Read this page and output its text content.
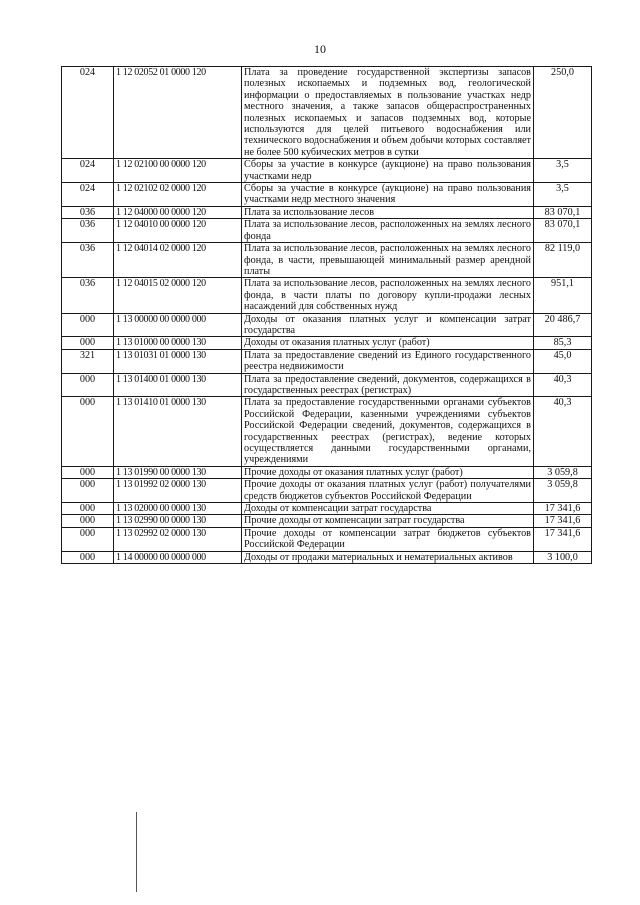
10
024	1 12 02052 01 0000 120	Плата за проведение государственной экспертизы запасов полезных ископаемых и подземных вод, геологической информации о предоставляемых в пользование участках недр местного значения, а также запасов общераспространенных полезных ископаемых и запасов подземных вод, которые используются для целей питьевого водоснабжения или технического водоснабжения и объем добычи которых составляет не более 500 кубических метров в сутки	250,0
024	1 12 02100 00 0000 120	Сборы за участие в конкурсе (аукционе) на право пользования участками недр	3,5
024	1 12 02102 02 0000 120	Сборы за участие в конкурсе (аукционе) на право пользования участками недр местного значения	3,5
036	1 12 04000 00 0000 120	Плата за использование лесов	83 070,1
036	1 12 04010 00 0000 120	Плата за использование лесов, расположенных на землях лесного фонда	83 070,1
036	1 12 04014 02 0000 120	Плата за использование лесов, расположенных на землях лесного фонда, в части, превышающей минимальный размер арендной платы	82 119,0
036	1 12 04015 02 0000 120	Плата за использование лесов, расположенных на землях лесного фонда, в части платы по договору купли-продажи лесных насаждений для собственных нужд	951,1
000	1 13 00000 00 0000 000	Доходы от оказания платных услуг и компенсации затрат государства	20 486,7
000	1 13 01000 00 0000 130	Доходы от оказания платных услуг (работ)	85,3
321	1 13 01031 01 0000 130	Плата за предоставление сведений из Единого государственного реестра недвижимости	45,0
000	1 13 01400 01 0000 130	Плата за предоставление сведений, документов, содержащихся в государственных реестрах (регистрах)	40,3
000	1 13 01410 01 0000 130	Плата за предоставление государственными органами субъектов Российской Федерации, казенными учреждениями субъектов Российской Федерации сведений, документов, содержащихся в государственных реестрах (регистрах), ведение которых осуществляется данными государственными органами, учреждениями	40,3
000	1 13 01990 00 0000 130	Прочие доходы от оказания платных услуг (работ)	3 059,8
000	1 13 01992 02 0000 130	Прочие доходы от оказания платных услуг (работ) получателями средств бюджетов субъектов Российской Федерации	3 059,8
000	1 13 02000 00 0000 130	Доходы от компенсации затрат государства	17 341,6
000	1 13 02990 00 0000 130	Прочие доходы от компенсации затрат государства	17 341,6
000	1 13 02992 02 0000 130	Прочие доходы от компенсации затрат бюджетов субъектов Российской Федерации	17 341,6
000	1 14 00000 00 0000 000	Доходы от продажи материальных и нематериальных активов	3 100,0
